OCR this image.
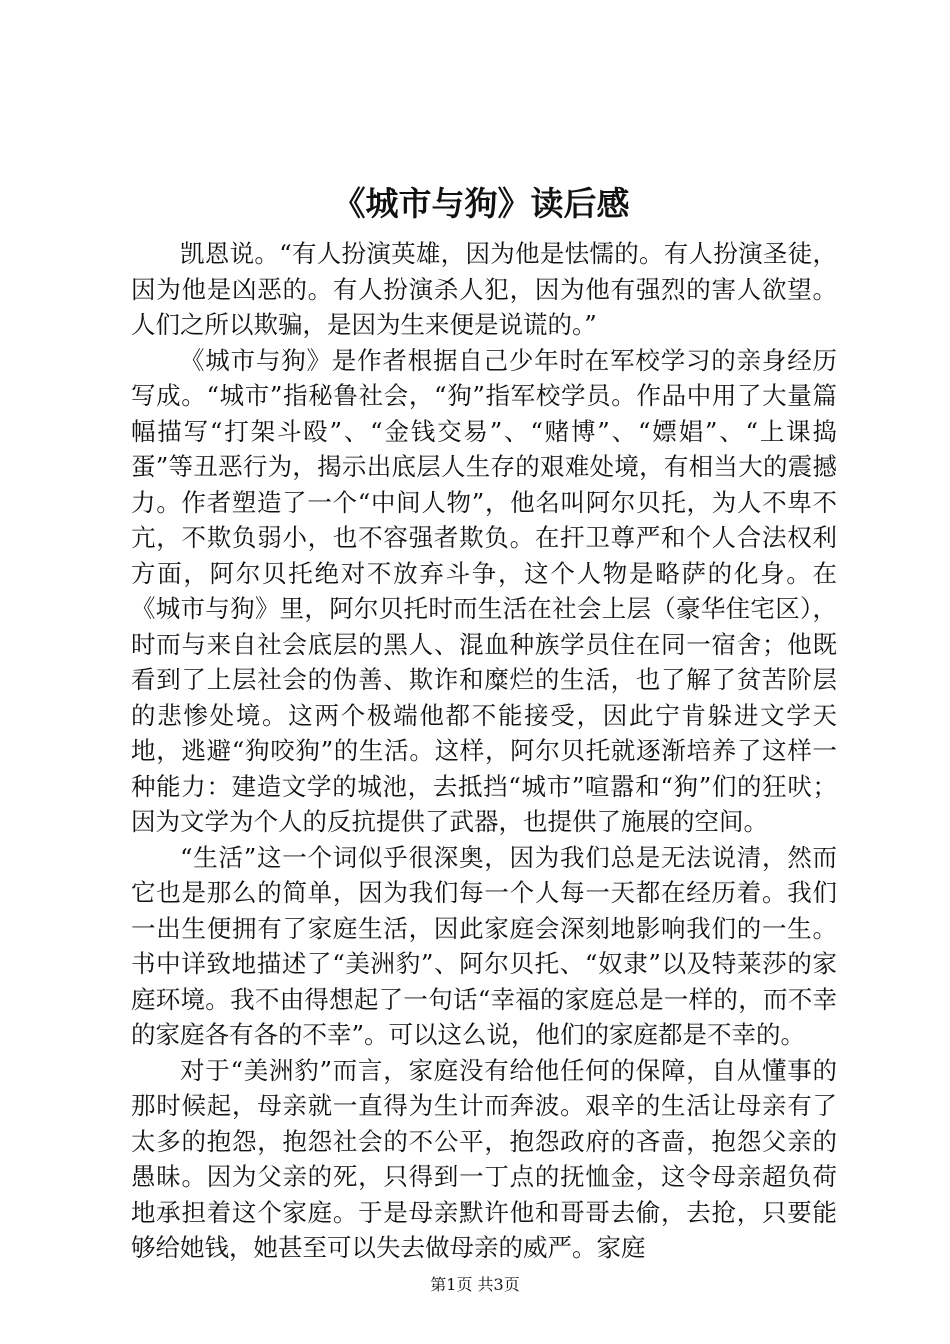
《城市与狗》读后感

凯恩说。“有人扮演英雄，因为他是怯懦的。有人扮演圣徒，因为他是凶恶的。有人扮演杀人犯，因为他有强烈的害人欲望。人们之所以欺骗，是因为生来便是说谎的。”

《城市与狗》是作者根据自己少年时在军校学习的亲身经历写成。“城市”指秘鲁社会，“狗”指军校学员。作品中用了大量篇幅描写“打架斗殴”、“金钱交易”、“赌博”、“嫖娼”、“上课捣蛋”等丑恶行为，揭示出底层人生存的艰难处境，有相当大的震撼力。作者塑造了一个“中间人物”，他名叫阿尔贝托，为人不卑不亢，不欺负弱小，也不容强者欺负。在扞卫尊严和个人合法权利方面，阿尔贝托绝对不放弃斗争，这个人物是略萨的化身。在《城市与狗》里，阿尔贝托时而生活在社会上层（豪华住宅区），时而与来自社会底层的黑人、混血种族学员住在同一宿舍；他既看到了上层社会的伪善、欺诈和糜烂的生活，也了解了贫苦阶层的悲惨处境。这两个极端他都不能接受，因此宁肯躲进文学天地，逃避“狗咬狗”的生活。这样，阿尔贝托就逐渐培养了这样一种能力：建造文学的城池，去抵挡“城市”喧嚣和“狗”们的狂吠；因为文学为个人的反抗提供了武器，也提供了施展的空间。

“生活”这一个词似乎很深奥，因为我们总是无法说清，然而它也是那么的简单，因为我们每一个人每一天都在经历着。我们一出生便拥有了家庭生活，因此家庭会深刻地影响我们的一生。书中详致地描述了“美洲豹”、阿尔贝托、“奴隶”以及特莱莎的家庭环境。我不由得想起了一句话“幸福的家庭总是一样的，而不幸的家庭各有各的不幸”。可以这么说，他们的家庭都是不幸的。

对于“美洲豹”而言，家庭没有给他任何的保障，自从懂事的那时候起，母亲就一直得为生计而奔波。艰辛的生活让母亲有了太多的抱怨，抱怨社会的不公平，抱怨政府的吝啬，抱怨父亲的愚昧。因为父亲的死，只得到一丁点的抚恤金，这令母亲超负荷地承担着这个家庭。于是母亲默许他和哥哥去偷，去抢，只要能够给她钱，她甚至可以失去做母亲的威严。家庭

第1页 共3页
